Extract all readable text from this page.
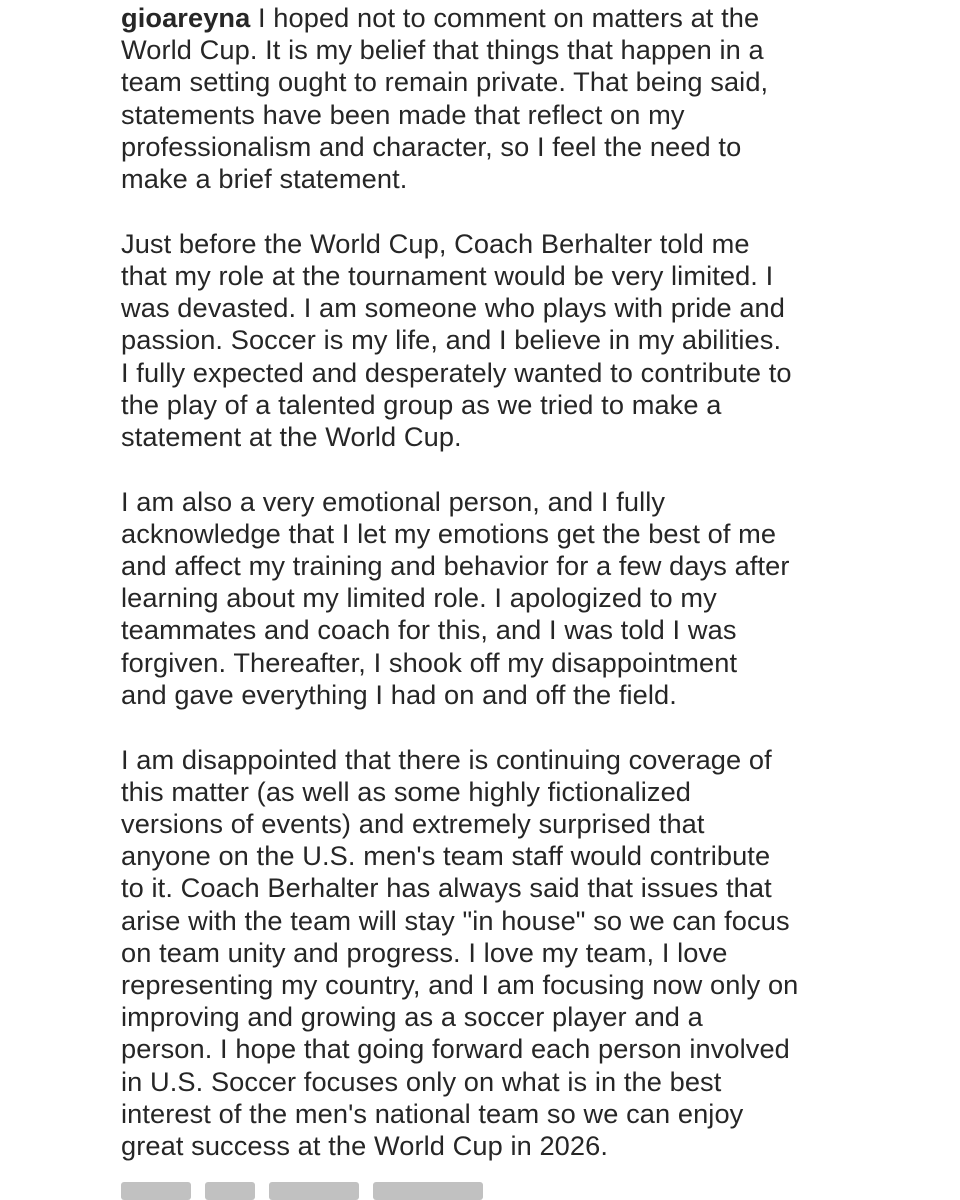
gioareyna I hoped not to comment on matters at the
World Cup. It is my belief that things that happen in a
team setting ought to remain private. That being said,
statements have been made that reflect on my
professionalism and character, so I feel the need to
make a brief statement.

Just before the World Cup, Coach Berhalter told me
that my role at the tournament would be very limited. I
was devasted. I am someone who plays with pride and
passion. Soccer is my life, and I believe in my abilities.
I fully expected and desperately wanted to contribute to
the play of a talented group as we tried to make a
statement at the World Cup.

I am also a very emotional person, and I fully
acknowledge that I let my emotions get the best of me
and affect my training and behavior for a few days after
learning about my limited role. I apologized to my
teammates and coach for this, and I was told I was
forgiven. Thereafter, I shook off my disappointment
and gave everything I had on and off the field.

I am disappointed that there is continuing coverage of
this matter (as well as some highly fictionalized
versions of events) and extremely surprised that
anyone on the U.S. men's team staff would contribute
to it. Coach Berhalter has always said that issues that
arise with the team will stay "in house" so we can focus
on team unity and progress. I love my team, I love
representing my country, and I am focusing now only on
improving and growing as a soccer player and a
person. I hope that going forward each person involved
in U.S. Soccer focuses only on what is in the best
interest of the men's national team so we can enjoy
great success at the World Cup in 2026.
